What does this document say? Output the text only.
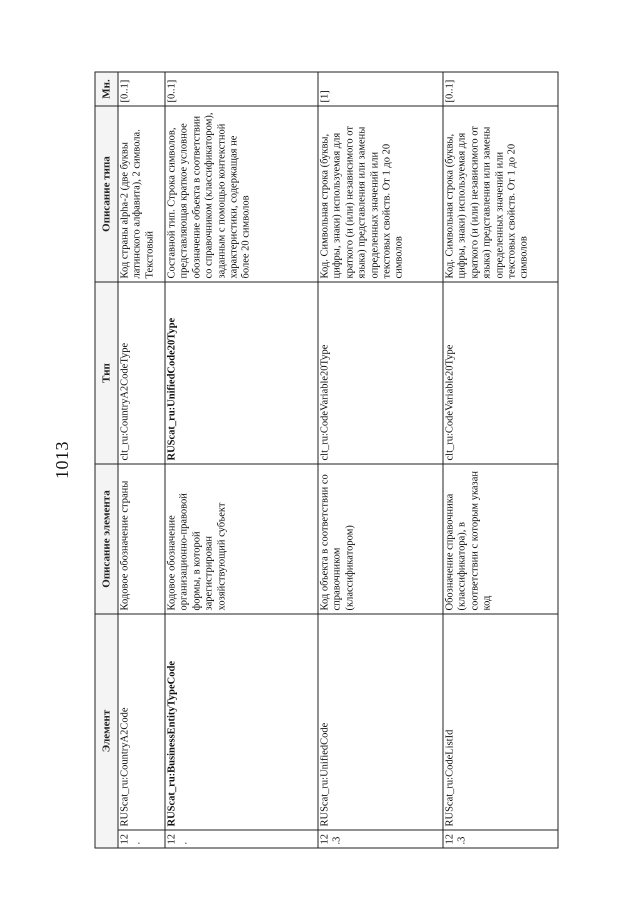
1013
Элемент		Описание элемента	Тип	Описание типа	Мн.
12.	RUScat_ru:CountryA2Code	Кодовое обозначение страны	clt_ru:CountryA2CodeType	Код страны alpha-2 (две буквы латинского алфавита), 2 символа. Текстовый	[0..1]
12.	RUScat_ru:BusinessEntityTypeCode	Кодовое обозначение организационно-правовой формы, в которой зарегистрирован хозяйствующий субъект	RUScat_ru:UnifiedCode20Type	Составной тип. Строка символов, представляющая краткое условное обозначение объекта в соответствии со справочником (классификатором), заданным с помощью контекстной характеристики, содержащая не более 20 символов	[0..1]
12.3	RUScat_ru:UnifiedCode	Код объекта в соответствии со справочником (классификатором)	clt_ru:CodeVariable20Type	Код. Символьная строка (буквы, цифры, знаки) используемая для краткого (и (или) независимого от языка) представления или замены определенных значений или текстовых свойств. От 1 до 20 символов	[1]
12.3	RUScat_ru:CodeListId	Обозначение справочника (классификатора), в соответствии с которым указан код	clt_ru:CodeVariable20Type	Код. Символьная строка (буквы, цифры, знаки) используемая для краткого (и (или) независимого от языка) представления или замены определенных значений или текстовых свойств. От 1 до 20 символов	[0..1]
